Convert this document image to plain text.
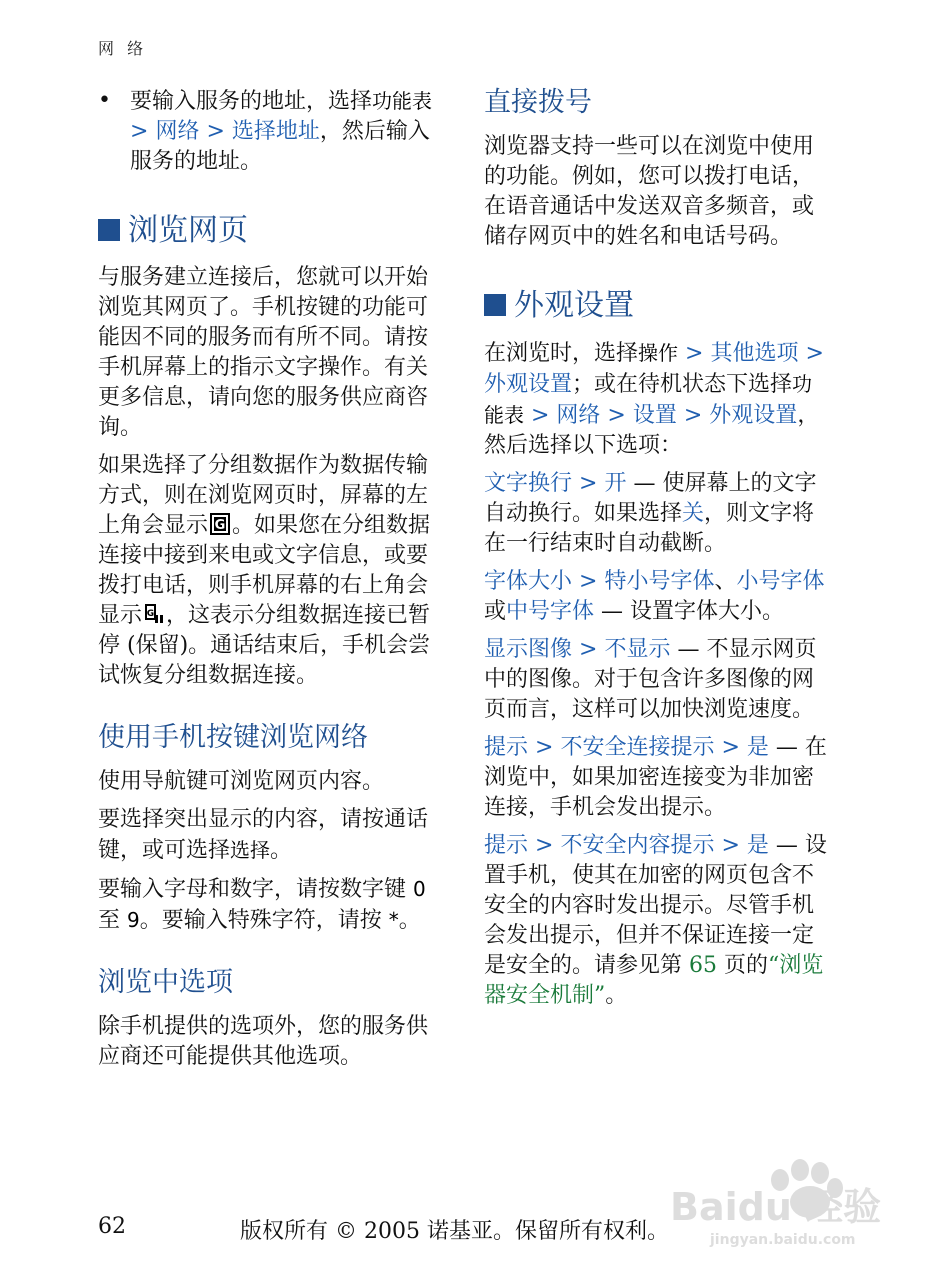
网 络
• 要输入服务的地址，选择功能表 > 网络 > 选择地址，然后输入服务的地址。
浏览网页

与服务建立连接后，您就可以开始浏览其网页了。手机按键的功能可能因不同的服务而有所不同。请按手机屏幕上的指示文字操作。有关更多信息，请向您的服务供应商咨询。

如果选择了分组数据作为数据传输方式，则在浏览网页时，屏幕的左上角会显示 G 。如果您在分组数据连接中接到来电或文字信息，或要拨打电话，则手机屏幕的右上角会显示 G ，这表示分组数据连接已暂停 (保留)。通话结束后，手机会尝试恢复分组数据连接。

使用手机按键浏览网络

使用导航键可浏览网页内容。

要选择突出显示的内容，请按通话键，或可选择选择。

要输入字母和数字，请按数字键 0 至 9。要输入特殊字符，请按 *。

浏览中选项

除手机提供的选项外，您的服务供应商还可能提供其他选项。

直接拨号

浏览器支持一些可以在浏览中使用的功能。例如，您可以拨打电话，在语音通话中发送双音多频音，或储存网页中的姓名和电话号码。

外观设置

在浏览时，选择操作 > 其他选项 > 外观设置；或在待机状态下选择功能表 > 网络 > 设置 > 外观设置，然后选择以下选项：

文字换行 > 开 — 使屏幕上的文字自动换行。如果选择关，则文字将在一行结束时自动截断。

字体大小 > 特小号字体、小号字体或中号字体 — 设置字体大小。

显示图像 > 不显示 — 不显示网页中的图像。对于包含许多图像的网页而言，这样可以加快浏览速度。

提示 > 不安全连接提示 > 是 — 在浏览中，如果加密连接变为非加密连接，手机会发出提示。

提示 > 不安全内容提示 > 是 — 设置手机，使其在加密的网页包含不安全的内容时发出提示。尽管手机会发出提示，但并不保证连接一定是安全的。请参见第 65 页的“浏览器安全机制”。

62	版权所有 © 2005 诺基亚。保留所有权利。
Baidu 经验
jingyan.baidu.com
